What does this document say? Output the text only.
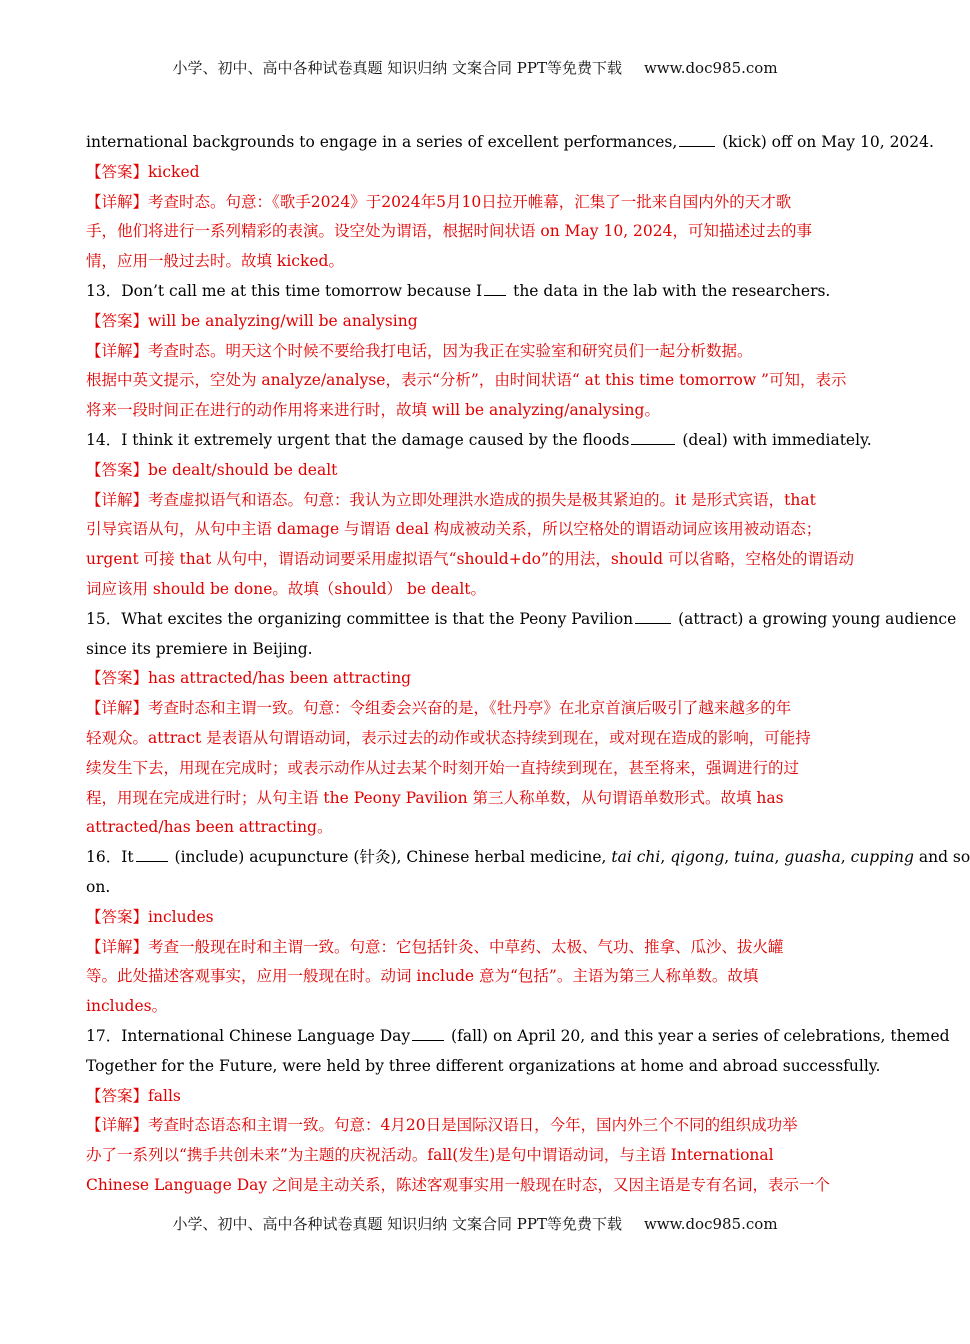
小学、初中、高中各种试卷真题 知识归纳 文案合同 PPT等免费下载 www.doc985.com
international backgrounds to engage in a series of excellent performances,	(kick) off on May 10, 2024.
【答案】kicked
【详解】考查时态。句意：《歌手2024》于2024年5月10日拉开帷幕，汇集了一批来自国内外的天才歌
手，他们将进行一系列精彩的表演。设空处为谓语，根据时间状语 on May 10, 2024，可知描述过去的事
情，应用一般过去时。故填 kicked。
13．Don’t call me at this time tomorrow because I the data in the lab with the researchers.
【答案】will be analyzing/will be analysing
【详解】考查时态。明天这个时候不要给我打电话，因为我正在实验室和研究员们一起分析数据。
根据中英文提示，空处为 analyze/analyse，表示“分析”，由时间状语“ at this time tomorrow ”可知，表示
将来一段时间正在进行的动作用将来进行时，故填 will be analyzing/analysing。
14．I think it extremely urgent that the damage caused by the floods	(deal) with immediately.
【答案】be dealt/should be dealt
【详解】考查虚拟语气和语态。句意：我认为立即处理洪水造成的损失是极其紧迫的。it 是形式宾语，that
引导宾语从句，从句中主语 damage 与谓语 deal 构成被动关系，所以空格处的谓语动词应该用被动语态；
urgent 可接 that 从句中，谓语动词要采用虚拟语气“should+do”的用法，should 可以省略，空格处的谓语动
词应该用 should be done。故填（should） be dealt。
15．What excites the organizing committee is that the Peony Pavilion	(attract) a growing young audience
since its premiere in Beijing.
【答案】has attracted/has been attracting
【详解】考查时态和主谓一致。句意：令组委会兴奋的是，《牡丹亭》在北京首演后吸引了越来越多的年
轻观众。attract 是表语从句谓语动词，表示过去的动作或状态持续到现在，或对现在造成的影响，可能持
续发生下去，用现在完成时；或表示动作从过去某个时刻开始一直持续到现在，甚至将来，强调进行的过
程，用现在完成进行时；从句主语 the Peony Pavilion 第三人称单数，从句谓语单数形式。故填 has
attracted/has been attracting。
16．It (include) acupuncture (针灸), Chinese herbal medicine, tai chi, qigong, tuina, guasha, cupping and so
on.
【答案】includes
【详解】考查一般现在时和主谓一致。句意：它包括针灸、中草药、太极、气功、推拿、瓜沙、拔火罐
等。此处描述客观事实，应用一般现在时。动词 include 意为“包括”。主语为第三人称单数。故填
includes。
17．International Chinese Language Day (fall) on April 20, and this year a series of celebrations, themed
Together for the Future, were held by three different organizations at home and abroad successfully.
【答案】falls
【详解】考查时态语态和主谓一致。句意：4月20日是国际汉语日，今年，国内外三个不同的组织成功举
办了一系列以“携手共创未来”为主题的庆祝活动。fall(发生)是句中谓语动词，与主语 International
Chinese Language Day 之间是主动关系，陈述客观事实用一般现在时态，又因主语是专有名词，表示一个
小学、初中、高中各种试卷真题 知识归纳 文案合同 PPT等免费下载 www.doc985.com
